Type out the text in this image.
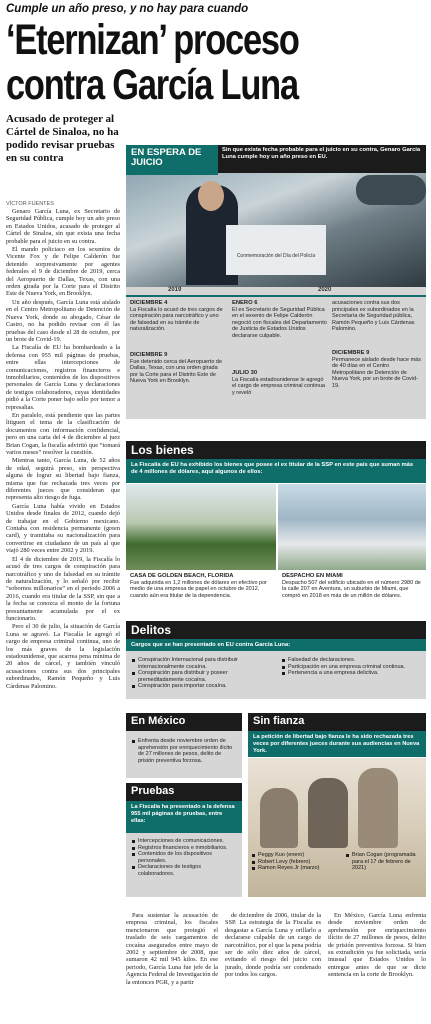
Cumple un año preso, y no hay para cuando
‘Eternizan’ proceso
contra García Luna
Acusado de proteger al Cártel de Sinaloa, no ha podido revisar pruebas en su contra
VÍCTOR FUENTES

Genaro García Luna, ex Secretario de Seguridad Pública, cumple hoy un año preso en Estados Unidos, acusado de proteger al Cártel de Sinaloa, sin que exista una fecha probable para el juicio en su contra.

El mando policiaco en los sexenios de Vicente Fox y de Felipe Calderón fue detenido sorpresivamente por agentes federales el 9 de diciembre de 2019, cerca del Aeropuerto de Dallas, Texas, con una orden girada por la Corte para el Distrito Este de Nueva York, en Brooklyn.

Un año después, García Luna está aislado en el Centro Metropolitano de Detención de Nueva York, donde su abogado, César de Castro, no ha podido revisar con él las pruebas del caso desde el 28 de octubre, por un brote de Covid-19.

La Fiscalía de EU ha bombardeado a la defensa con 955 mil páginas de pruebas, entre ellas intercepciones de comunicaciones, registros financieros e inmobiliarios, contenidos de los dispositivos personales de García Luna y declaraciones de testigos colaboradores, cuyas identidades pidió a la Corte poner bajo sello por temor a represalias.

En paralelo, está pendiente que las partes litiguen el tema de la clasificación de documentos con información confidencial, pero en una carta del 4 de diciembre al juez Brian Cogan, la fiscalía advirtió que “tomará varios meses” resolver la cuestión.

Mientras tanto, García Luna, de 52 años de edad, seguirá preso, sin perspectiva alguna de lograr su libertad bajo fianza, misma que fue rechazada tres veces por diferentes jueces que consideran que representa alto riesgo de fuga.

García Luna había vivido en Estados Unidos desde finales de 2012, cuando dejó de trabajar en el Gobierno mexicano. Contaba con residencia permanente (green card), y tramitaba su nacionalización para convertirse en ciudadano de un país al que viajó 280 veces entre 2002 y 2019.

El 4 de diciembre de 2019, la Fiscalía lo acusó de tres cargos de conspiración para narcotráfico y uno de falsedad en su trámite de naturalización, y lo señaló por recibir “sobornos millonarios” en el periodo 2006 a 2016, cuando era titular de la SSP, sin que a la fecha se conozca el monto de la fortuna presuntamente acumulada por el ex funcionario.

Pero el 30 de julio, la situación de García Luna se agravó. La Fiscalía le agregó el cargo de empresa criminal continua, uno de los más graves de la legislación estadounidense, que acarrea pena mínima de 20 años de cárcel, y también vinculó acusaciones contra sus dos principales subordinados, Ramón Pequeño y Luis Cárdenas Palomino.

Conmemoración del Día del Policía
EN ESPERA DE JUICIO
Sin que exista fecha probable para el juicio en su contra, Genaro García Luna cumple hoy un año preso en EU.
2019	2020
DICIEMBRE 4
La Fiscalía lo acusó de tres cargos de conspiración para narcotráfico y uno de falsedad en su trámite de naturalización.
DICIEMBRE 9
Fue detenido cerca del Aeropuerto de Dallas, Texas, con una orden girada por la Corte para el Distrito Este de Nueva York en Brooklyn.
ENERO 6
El ex Secretario de Seguridad Pública en el sexenio de Felipe Calderón negoció con fiscales del Departamento de Justicia de Estados Unidos declararse culpable.
JULIO 30
La Fiscalía estadounidense le agregó el cargo de empresa criminal continua y reveló
acusaciones contra sus dos principales ex subordinados en la Secretaría de Seguridad pública, Ramón Pequeño y Luis Cárdenas Palomino.
DICIEMBRE 9
Permanece aislado desde hace más de 40 días en el Centro Metropolitano de Detención de Nueva York, por un brote de Covid-19.
Los bienes
La Fiscalía de EU ha exhibido los bienes que posee el ex titular de la SSP en este país que suman más de 4 millones de dólares, aquí algunos de ellos:
CASA DE GOLDEN BEACH, FLORIDA
Fue adquirida en 1,2 millones de dólares en efectivo por medio de una empresa de papel en octubre de 2012, cuando aún era titular de la dependencia.
DESPACHO EN MIAMI
Despacho 507 del edificio ubicado en el número 2980 de la calle 207 en Aventura, un suburbio de Miami, que compró en 2018 en más de un millón de dólares.
Delitos
Cargos que se han presentado en EU contra García Luna:
Conspiración Internacional para distribuir internacionalmente cocaína.
Conspiración para distribuir y poseer premeditadamente cocaína.
Conspiración para importar cocaína.
Falsedad de declaraciones.
Participación en una empresa criminal continua.
Pertenencia a una empresa delictiva.
En México
Enfrenta desde noviembre orden de aprehensión por enriquecimiento ilícito de 27 millones de pesos, delito de prisión preventiva forzosa.
Pruebas
La Fiscalía ha presentado a la defensa 955 mil páginas de pruebas, entre ellas:
Intercepciones de comunicaciones.
Registros financieros e inmobiliarios.
Contenidos de los dispositivos personales.
Declaraciones de testigos colaboradores.
Sin fianza
La petición de libertad bajo fianza le ha sido rechazada tres veces por diferentes jueces durante sus audiencias en Nueva York.
Peggy Kuo (enero)
Robert Levy (febrero)
Ramon Reyes Jr (marzo)
Brian Cogan (programada para el 17 de febrero de 2021)

Para sustentar la acusación de empresa criminal, los fiscales mencionaron que protegió el traslado de seis cargamentos de cocaína asegurados entre mayo de 2002 y septiembre de 2008, que sumaron 42 mil 945 kilos. En ese periodo, García Luna fue jefe de la Agencia Federal de Investigación de la entonces PGR, y a partir

de diciembre de 2006, titular de la SSP. La estrategia de la Fiscalía es desgastar a García Luna y orillarlo a declararse culpable de un cargo de narcotráfico, por el que la pena podría ser de sólo diez años de cárcel, evitando el riesgo del juicio con jurado, donde podría ser condenado por todos los cargos.

En México, García Luna enfrenta desde noviembre orden de aprehensión por enriquecimiento ilícito de 27 millones de pesos, delito de prisión preventiva forzosa. Si bien su extradición ya fue solicitada, sería inusual que Estados Unidos lo entregue antes de que se dicte sentencia en la corte de Brooklyn.
